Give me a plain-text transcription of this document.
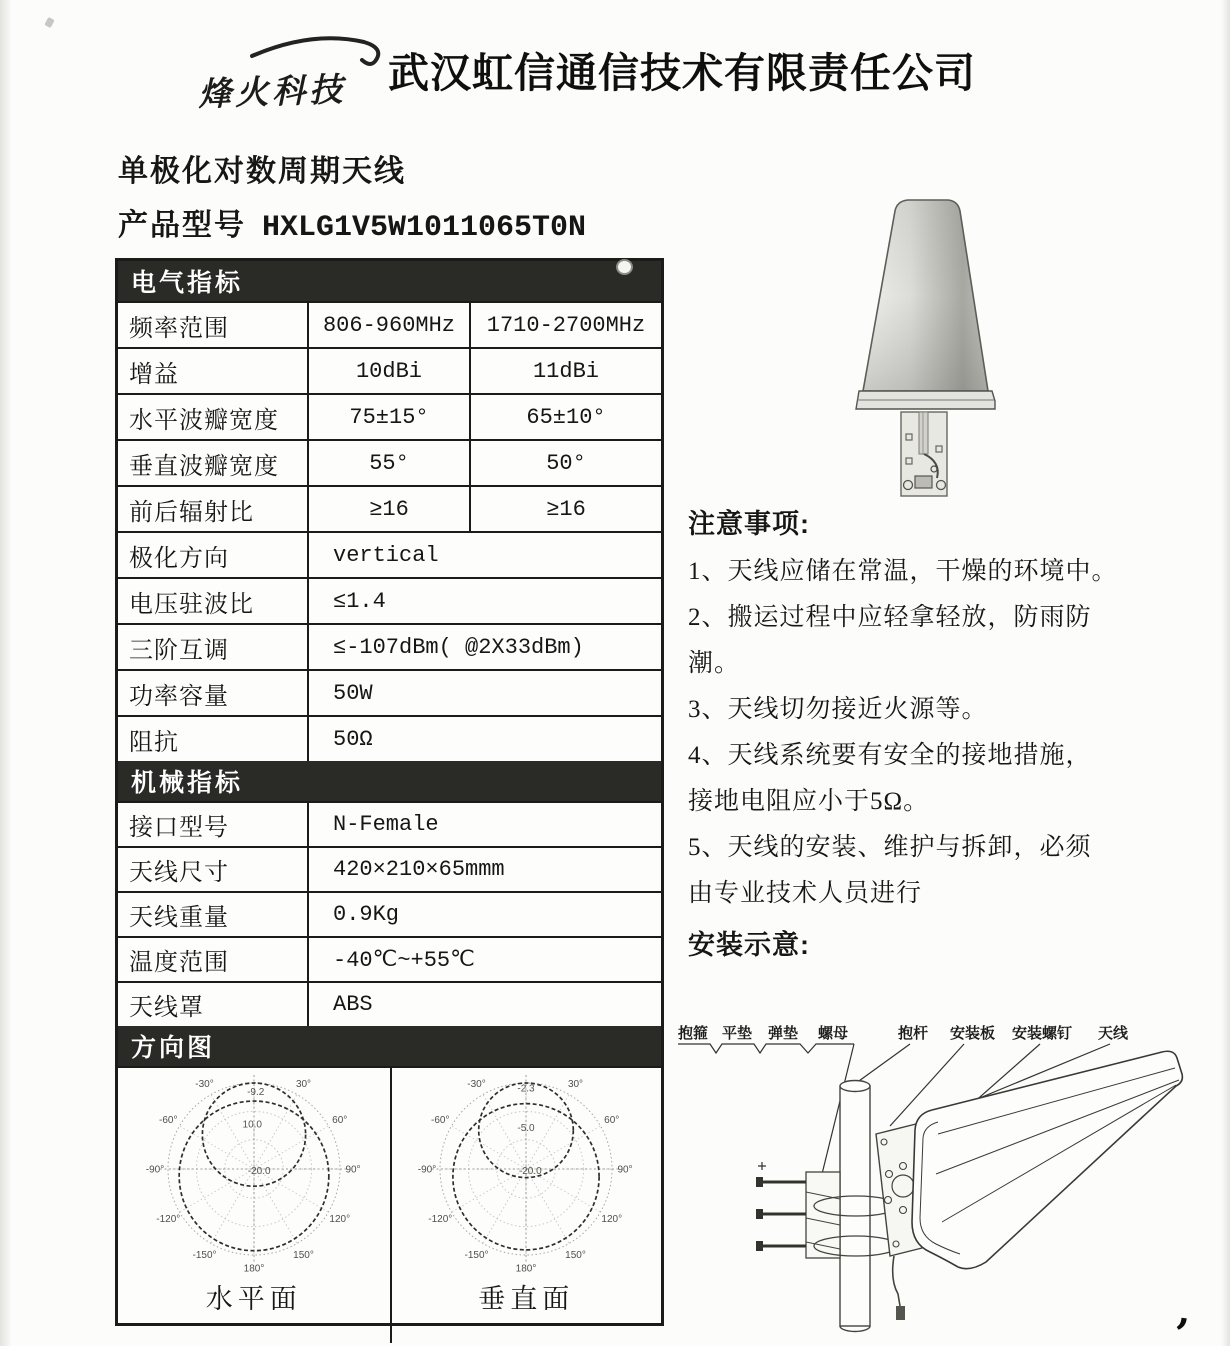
烽火科技 武汉虹信通信技术有限责任公司
单极化对数周期天线
产品型号 HXLG1V5W1011065T0N
电气指标
频率范围	806-960MHz	1710-2700MHz
增益	10dBi	11dBi
水平波瓣宽度	75±15°	65±10°
垂直波瓣宽度	55°	50°
前后辐射比	≥16	≥16
极化方向	vertical
电压驻波比	≤1.4
三阶互调	≤-107dBm( @2X33dBm)
功率容量	50W
阻抗	50Ω
机械指标
接口型号	N-Female
天线尺寸	420×210×65mmm
天线重量	0.9Kg
温度范围	-40℃~+55℃
天线罩	ABS
方向图
-30°	30°
-60°	60°
-90°	90°
-120°	120°
-150°	150°
180°
-9.2
10.0
-20.0

水平面

-30°	30°
-60°	60°
-90°	90°
-120°	120°
-150°	150°
180°
-2.3
-5.0
-20.0

垂直面

注意事项:

1、天线应储在常温，干燥的环境中。

2、搬运过程中应轻拿轻放，防雨防

潮。

3、天线切勿接近火源等。

4、天线系统要有安全的接地措施，

接地电阻应小于5Ω。

5、天线的安装、维护与拆卸，必须

由专业技术人员进行

安装示意:

抱箍 平垫 弹垫 螺母	抱杆 安装板 安装螺钉 天线
,
